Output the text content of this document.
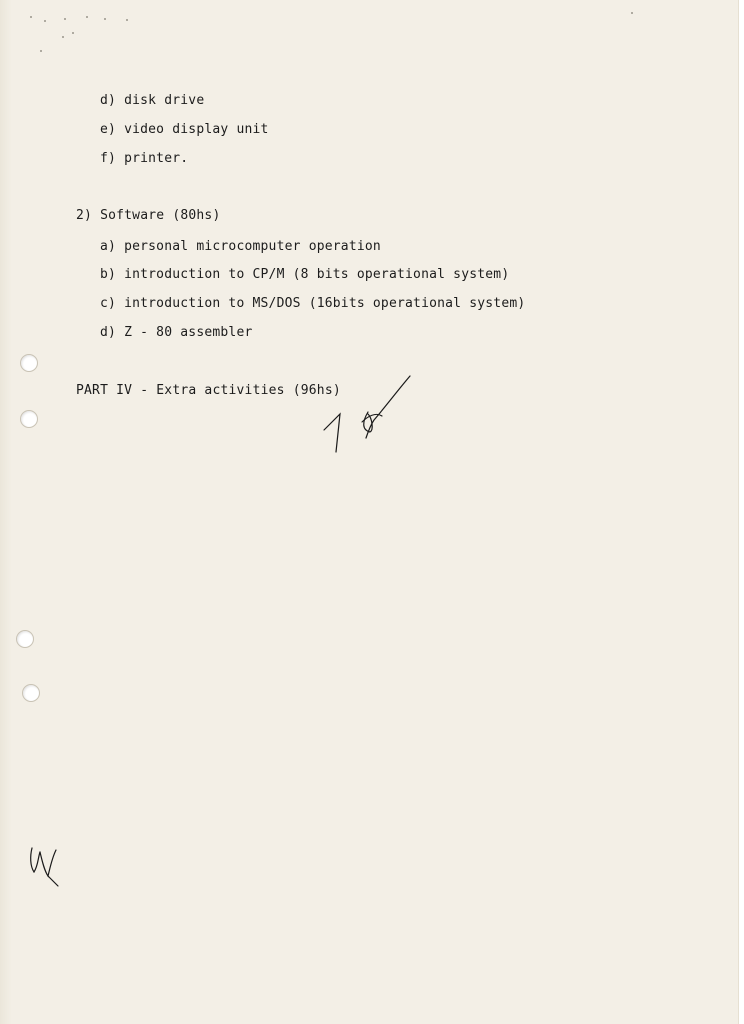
d) disk drive
e) video display unit
f) printer.
2) Software (80hs)
a) personal microcomputer operation
b) introduction to CP/M (8 bits operational system)
c) introduction to MS/DOS (16bits operational system)
d) Z - 80 assembler
PART IV - Extra activities (96hs)
